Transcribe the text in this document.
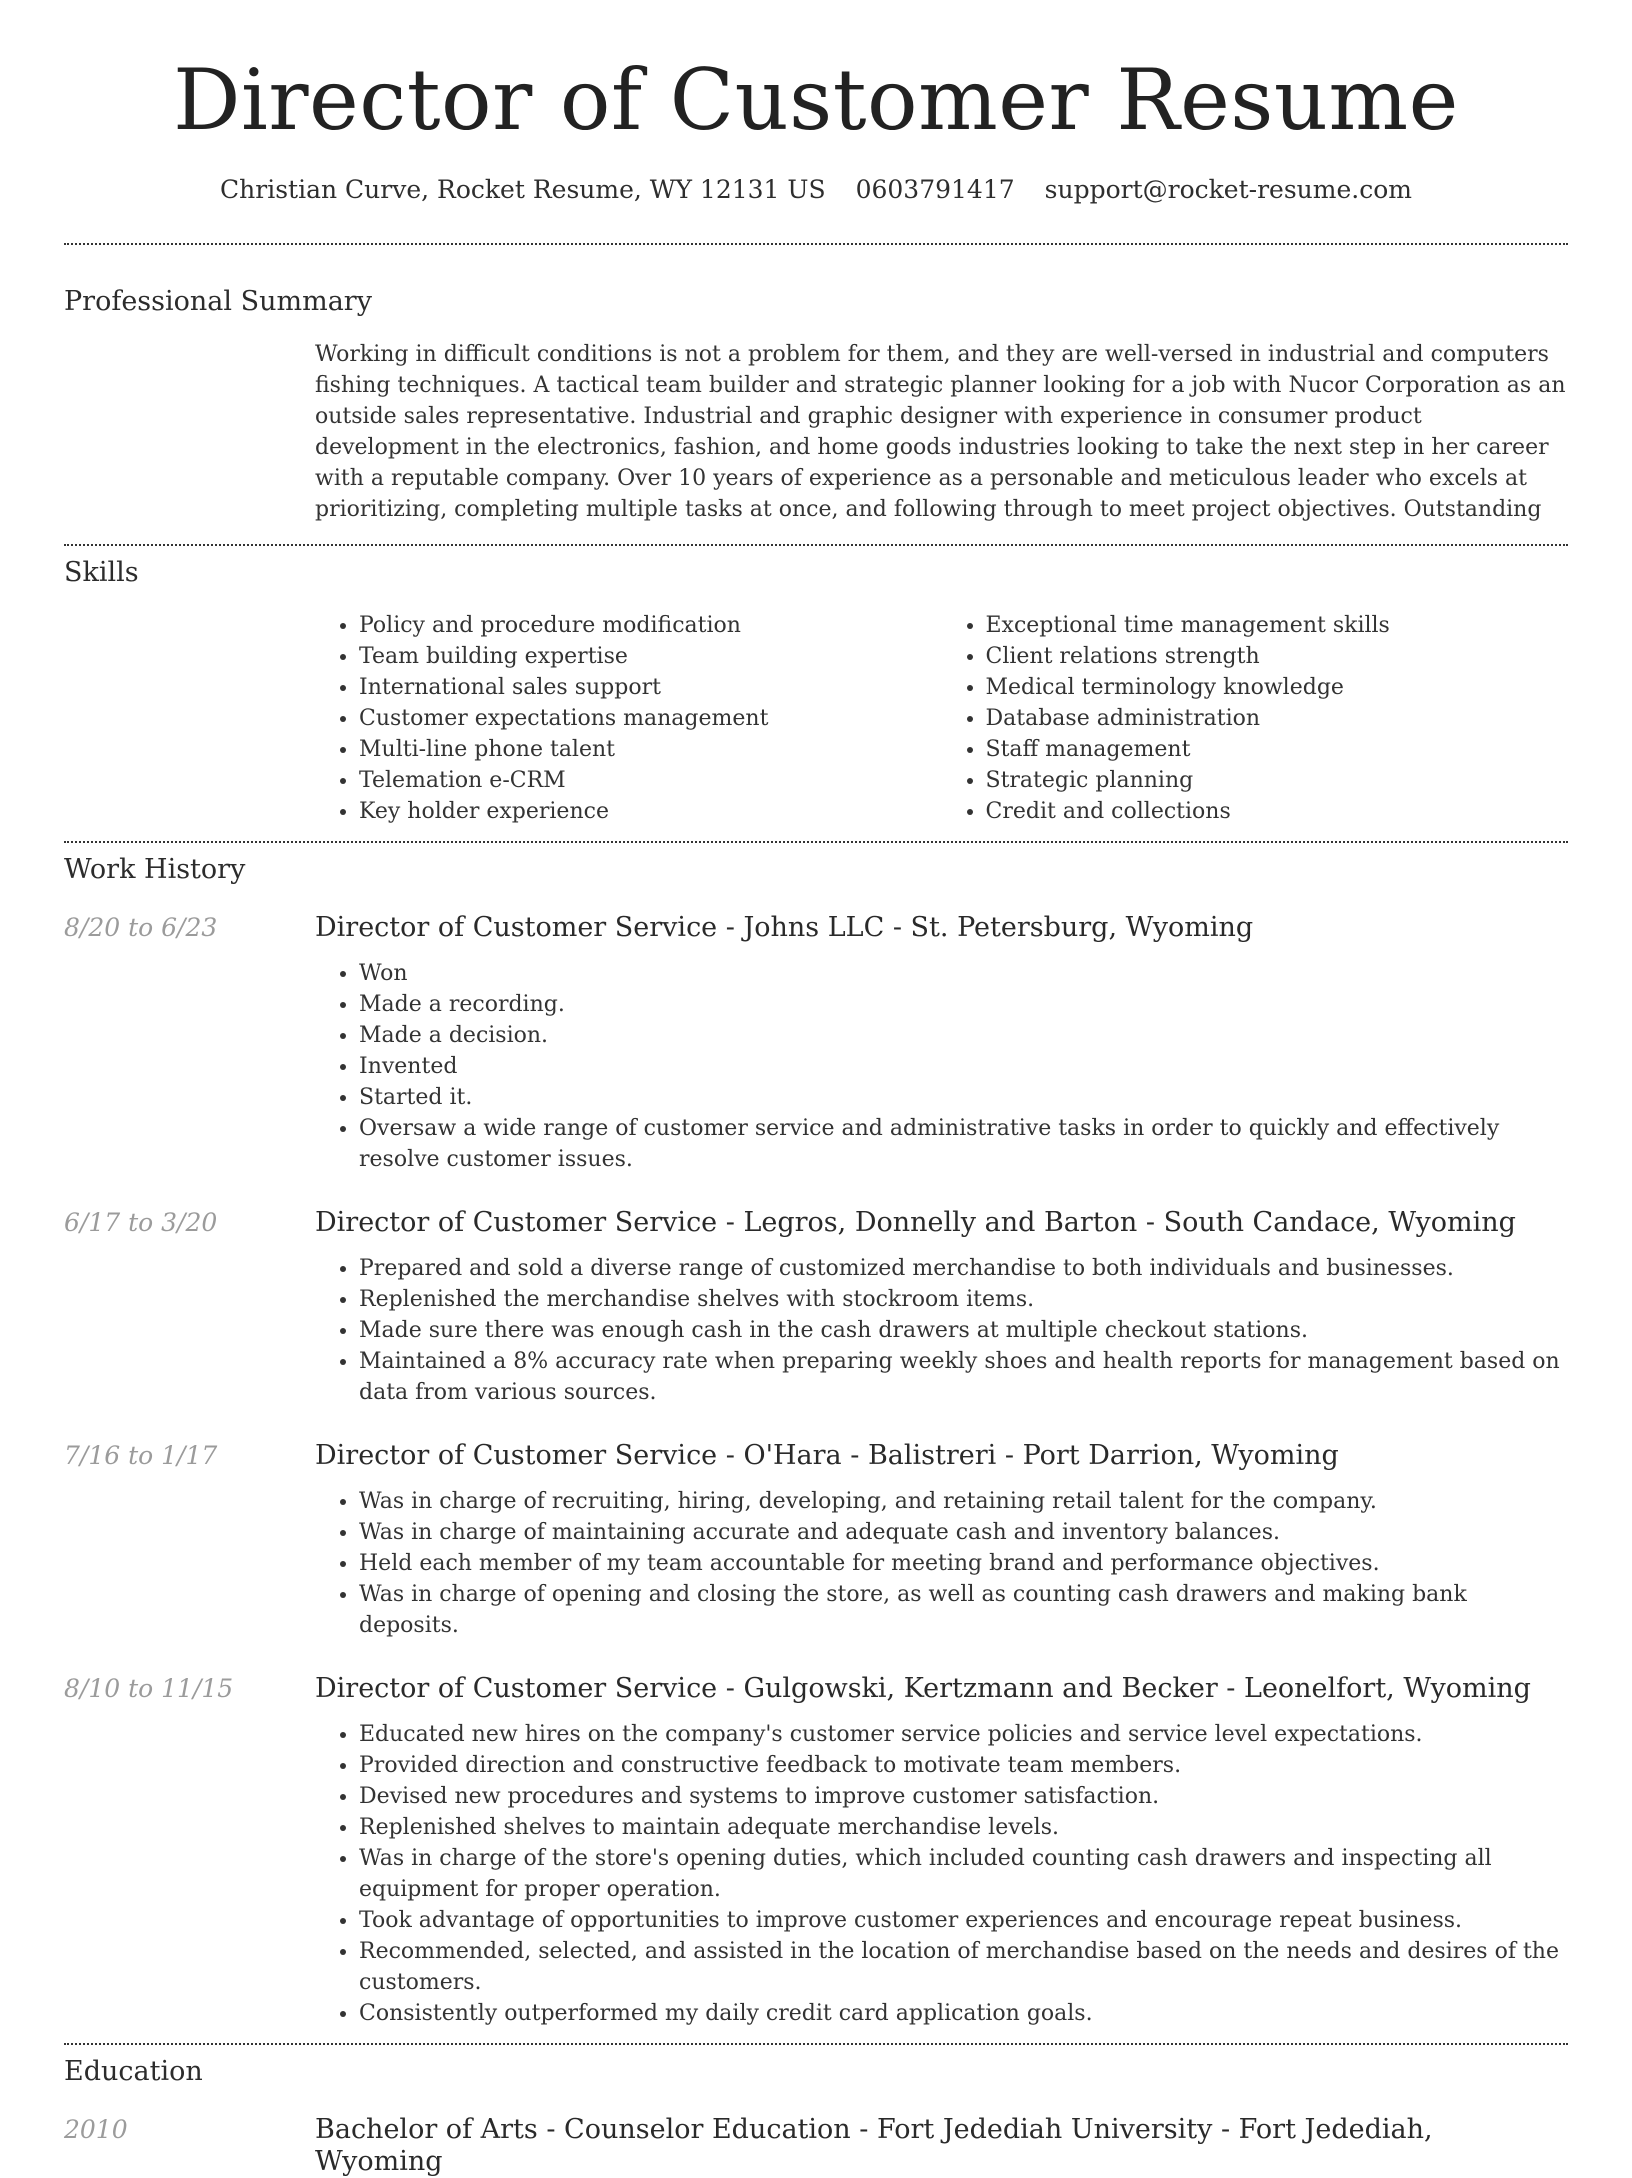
Director of Customer Resume
Christian Curve, Rocket Resume, WY 12131 US 0603791417 support@rocket-resume.com
Professional Summary
Working in difficult conditions is not a problem for them, and they are well-versed in industrial and computers fishing techniques. A tactical team builder and strategic planner looking for a job with Nucor Corporation as an outside sales representative. Industrial and graphic designer with experience in consumer product development in the electronics, fashion, and home goods industries looking to take the next step in her career with a reputable company. Over 10 years of experience as a personable and meticulous leader who excels at prioritizing, completing multiple tasks at once, and following through to meet project objectives. Outstanding
Skills
• Policy and procedure modification
• Team building expertise
• International sales support
• Customer expectations management
• Multi-line phone talent
• Telemation e-CRM
• Key holder experience
• Exceptional time management skills
• Client relations strength
• Medical terminology knowledge
• Database administration
• Staff management
• Strategic planning
• Credit and collections
Work History
8/20 to 6/23	Director of Customer Service - Johns LLC - St. Petersburg, Wyoming
• Won
• Made a recording.
• Made a decision.
• Invented
• Started it.
• Oversaw a wide range of customer service and administrative tasks in order to quickly and effectively resolve customer issues.
6/17 to 3/20	Director of Customer Service - Legros, Donnelly and Barton - South Candace, Wyoming
• Prepared and sold a diverse range of customized merchandise to both individuals and businesses.
• Replenished the merchandise shelves with stockroom items.
• Made sure there was enough cash in the cash drawers at multiple checkout stations.
• Maintained a 8% accuracy rate when preparing weekly shoes and health reports for management based on data from various sources.
7/16 to 1/17	Director of Customer Service - O'Hara - Balistreri - Port Darrion, Wyoming
• Was in charge of recruiting, hiring, developing, and retaining retail talent for the company.
• Was in charge of maintaining accurate and adequate cash and inventory balances.
• Held each member of my team accountable for meeting brand and performance objectives.
• Was in charge of opening and closing the store, as well as counting cash drawers and making bank deposits.
8/10 to 11/15	Director of Customer Service - Gulgowski, Kertzmann and Becker - Leonelfort, Wyoming
• Educated new hires on the company's customer service policies and service level expectations.
• Provided direction and constructive feedback to motivate team members.
• Devised new procedures and systems to improve customer satisfaction.
• Replenished shelves to maintain adequate merchandise levels.
• Was in charge of the store's opening duties, which included counting cash drawers and inspecting all equipment for proper operation.
• Took advantage of opportunities to improve customer experiences and encourage repeat business.
• Recommended, selected, and assisted in the location of merchandise based on the needs and desires of the customers.
• Consistently outperformed my daily credit card application goals.
Education
2010	Bachelor of Arts - Counselor Education - Fort Jedediah University - Fort Jedediah, Wyoming
